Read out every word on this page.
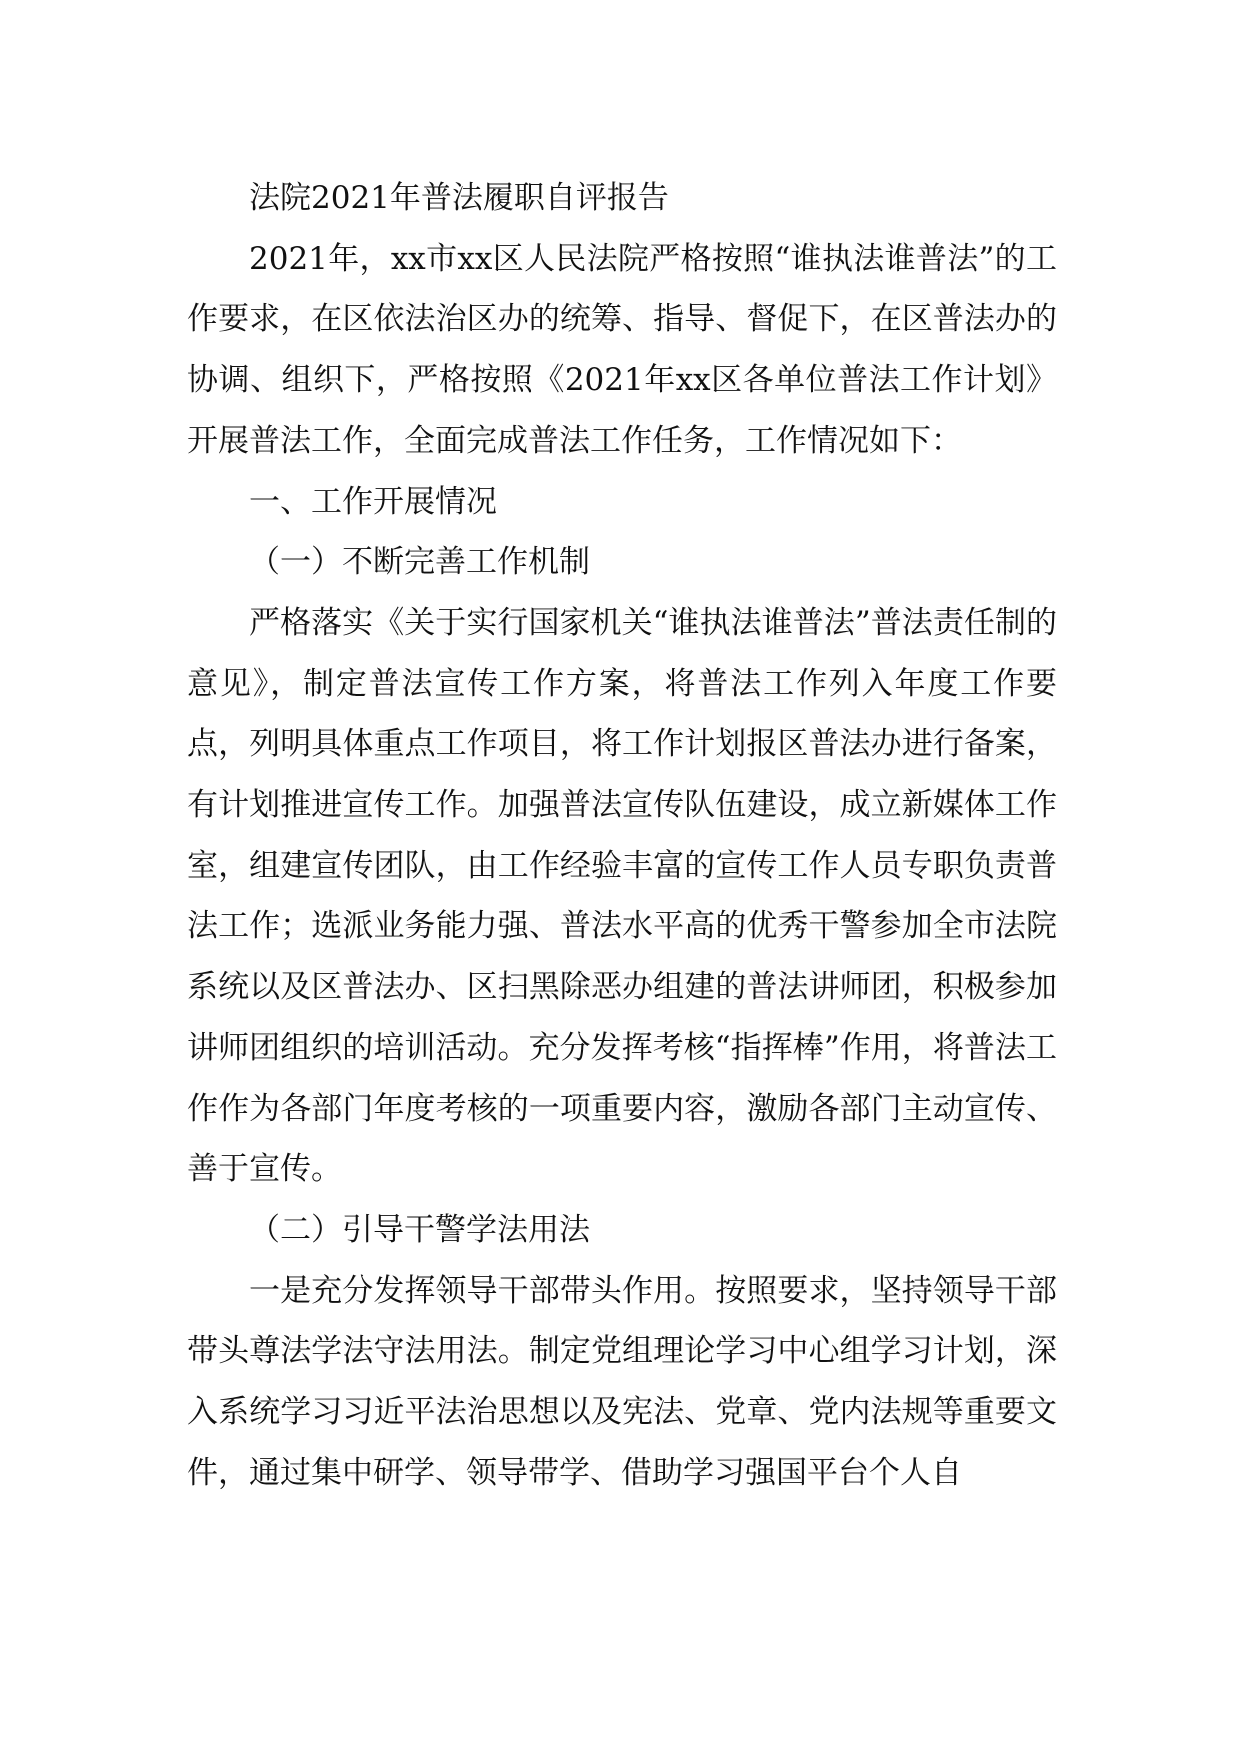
法院2021年普法履职自评报告

2021年，xx市xx区人民法院严格按照“谁执法谁普法”的工作要求，在区依法治区办的统筹、指导、督促下，在区普法办的协调、组织下，严格按照《2021年xx区各单位普法工作计划》开展普法工作，全面完成普法工作任务，工作情况如下：

一、工作开展情况

（一）不断完善工作机制

严格落实《关于实行国家机关“谁执法谁普法”普法责任制的意见》，制定普法宣传工作方案，将普法工作列入年度工作要点，列明具体重点工作项目，将工作计划报区普法办进行备案，有计划推进宣传工作。加强普法宣传队伍建设，成立新媒体工作室，组建宣传团队，由工作经验丰富的宣传工作人员专职负责普法工作；选派业务能力强、普法水平高的优秀干警参加全市法院系统以及区普法办、区扫黑除恶办组建的普法讲师团，积极参加讲师团组织的培训活动。充分发挥考核“指挥棒”作用，将普法工作作为各部门年度考核的一项重要内容，激励各部门主动宣传、善于宣传。

（二）引导干警学法用法

一是充分发挥领导干部带头作用。按照要求，坚持领导干部带头尊法学法守法用法。制定党组理论学习中心组学习计划，深入系统学习习近平法治思想以及宪法、党章、党内法规等重要文件，通过集中研学、领导带学、借助学习强国平台个人自
